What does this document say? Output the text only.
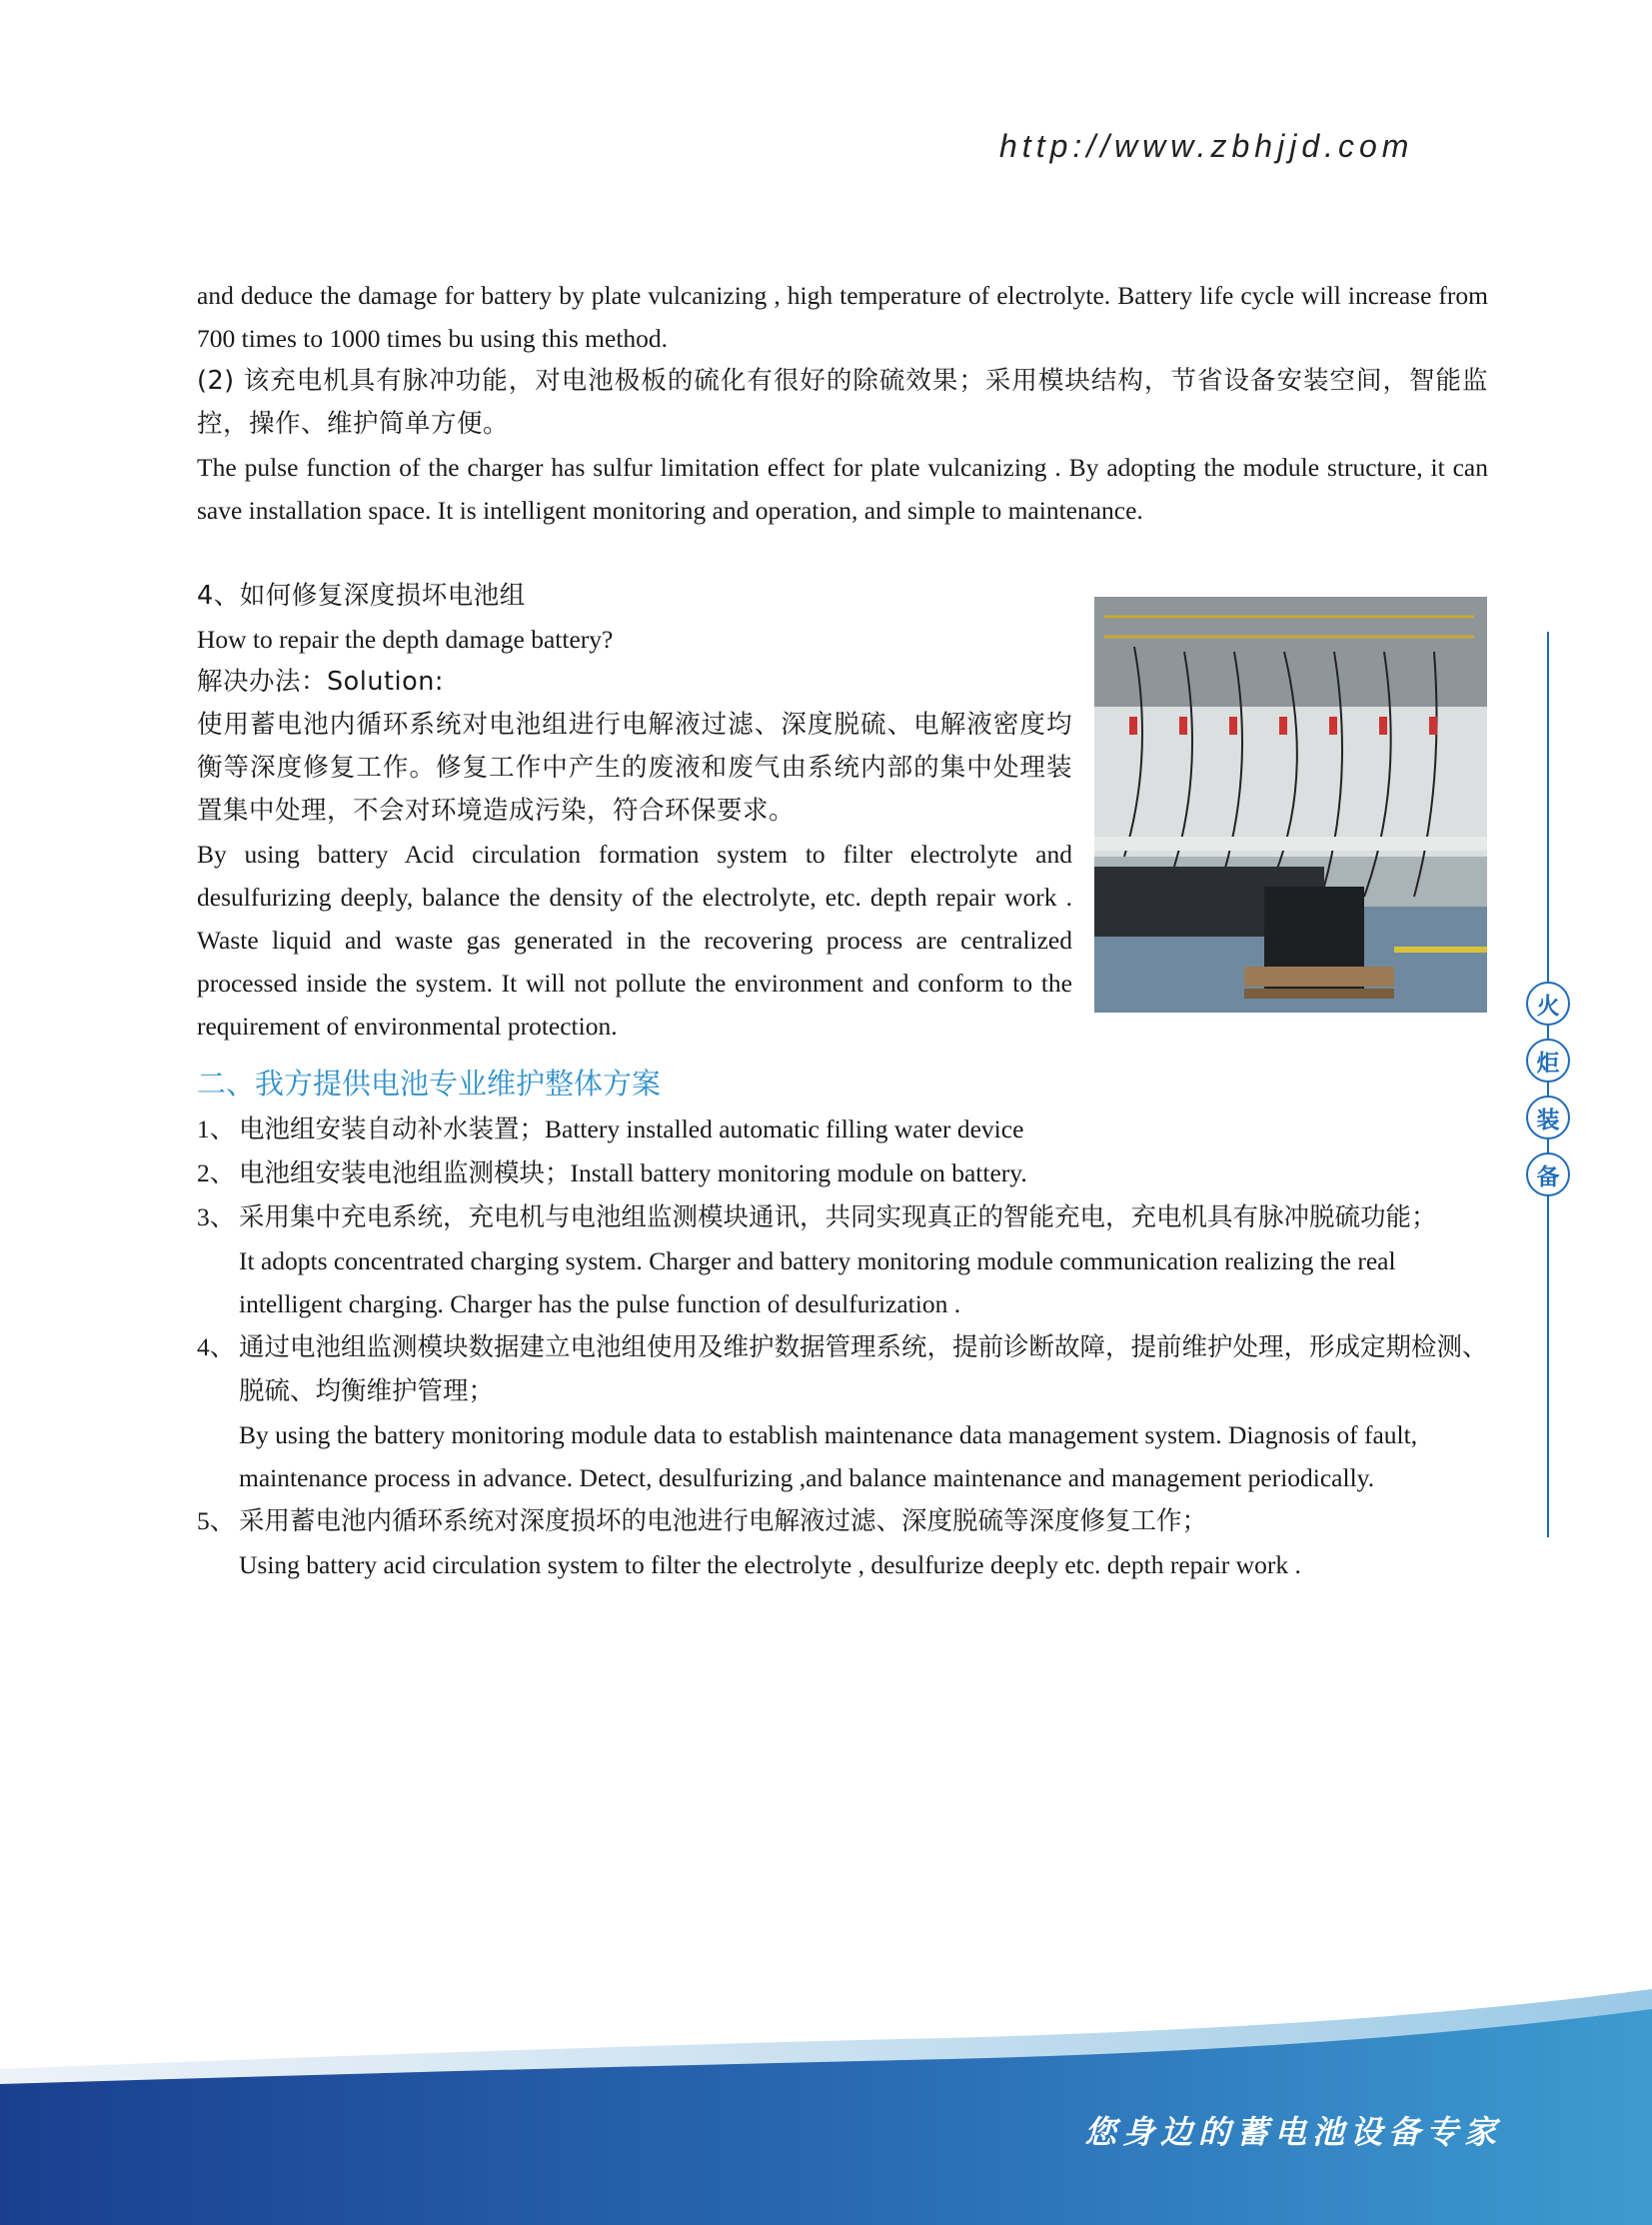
http://www.zbhjjd.com

and deduce the damage for battery by plate vulcanizing , high temperature of electrolyte. Battery life cycle will increase from 700 times to 1000 times bu using this method.

(2) 该充电机具有脉冲功能，对电池极板的硫化有很好的除硫效果；采用模块结构，节省设备安装空间，智能监控，操作、维护简单方便。

The pulse function of the charger has sulfur limitation effect for plate vulcanizing . By adopting the module structure, it can save installation space. It is intelligent monitoring and operation, and simple to maintenance.

4、如何修复深度损坏电池组

How to repair the depth damage battery?

解决办法：Solution:

使用蓄电池内循环系统对电池组进行电解液过滤、深度脱硫、电解液密度均衡等深度修复工作。修复工作中产生的废液和废气由系统内部的集中处理装置集中处理，不会对环境造成污染，符合环保要求。

By using battery Acid circulation formation system to filter electrolyte and desulfurizing deeply, balance the density of the electrolyte, etc. depth repair work . Waste liquid and waste gas generated in the recovering process are centralized processed inside the system. It will not pollute the environment and conform to the requirement of environmental protection.

二、我方提供电池专业维护整体方案
1、 电池组安装自动补水装置；Battery installed automatic filling water device
2、 电池组安装电池组监测模块；Install battery monitoring module on battery.
3、 采用集中充电系统，充电机与电池组监测模块通讯，共同实现真正的智能充电，充电机具有脉冲脱硫功能；
It adopts concentrated charging system. Charger and battery monitoring module communication realizing the real intelligent charging. Charger has the pulse function of desulfurization .
4、 通过电池组监测模块数据建立电池组使用及维护数据管理系统，提前诊断故障，提前维护处理，形成定期检测、脱硫、均衡维护管理；
By using the battery monitoring module data to establish maintenance data management system. Diagnosis of fault, maintenance process in advance. Detect, desulfurizing ,and balance maintenance and management periodically.
5、 采用蓄电池内循环系统对深度损坏的电池进行电解液过滤、深度脱硫等深度修复工作；
Using battery acid circulation system to filter the electrolyte , desulfurize deeply etc. depth repair work .
火
炬
装
备
您身边的蓄电池设备专家
